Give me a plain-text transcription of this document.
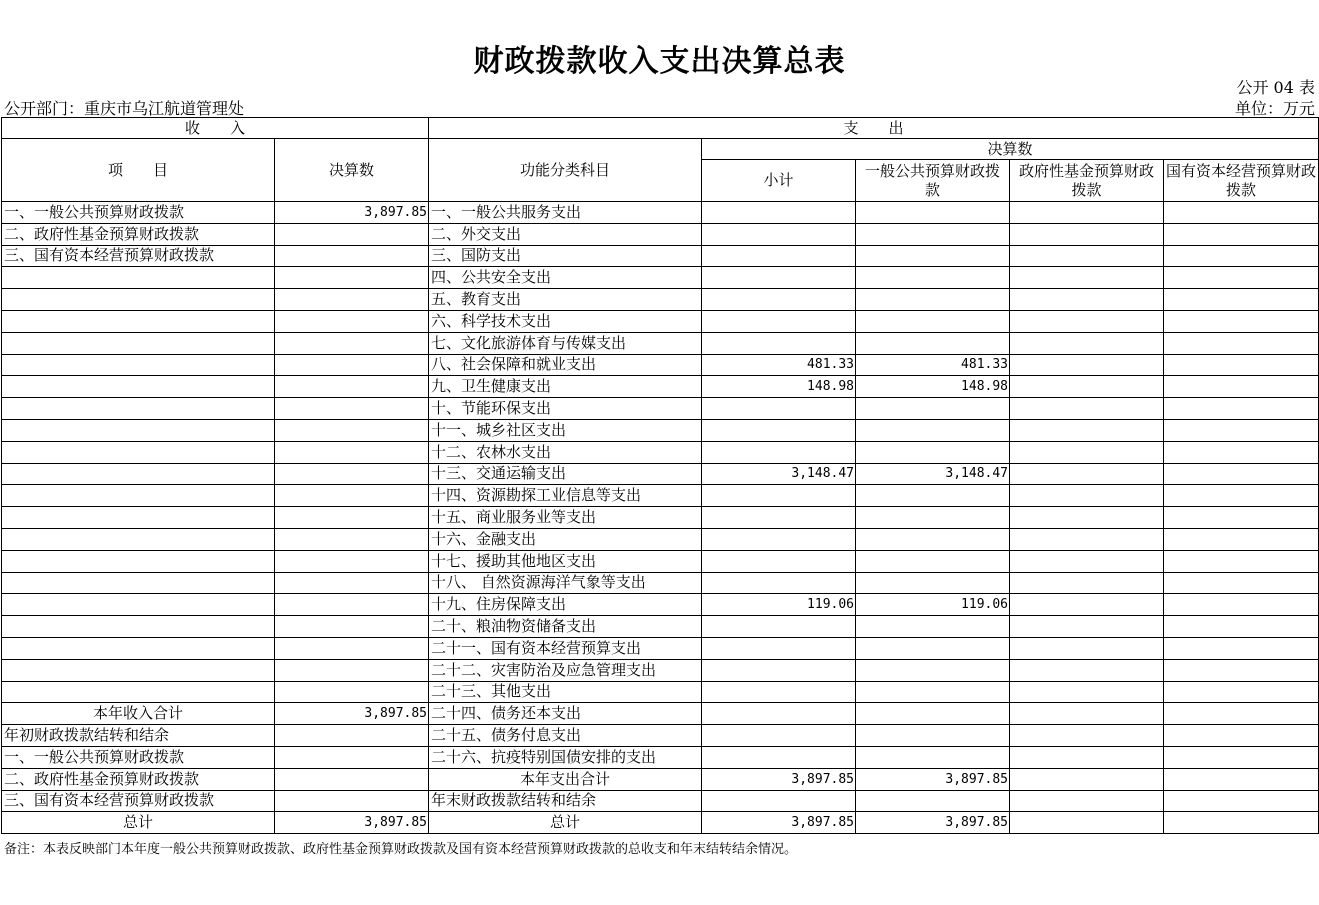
财政拨款收入支出决算总表
公开 04 表
公开部门：重庆市乌江航道管理处	单位：万元
收　　入		支　　出				
项　　目	决算数	功能分类科目	决算数			
			小计	一般公共预算财政拨款	政府性基金预算财政拨款	国有资本经营预算财政拨款
一、一般公共预算财政拨款	3,897.85	一、一般公共服务支出				
二、政府性基金预算财政拨款		二、外交支出				
三、国有资本经营预算财政拨款		三、国防支出				
		四、公共安全支出				
		五、教育支出				
		六、科学技术支出				
		七、文化旅游体育与传媒支出				
		八、社会保障和就业支出	481.33	481.33		
		九、卫生健康支出	148.98	148.98		
		十、节能环保支出				
		十一、城乡社区支出				
		十二、农林水支出				
		十三、交通运输支出	3,148.47	3,148.47		
		十四、资源勘探工业信息等支出				
		十五、商业服务业等支出				
		十六、金融支出				
		十七、援助其他地区支出				
		十八、 自然资源海洋气象等支出				
		十九、住房保障支出	119.06	119.06		
		二十、粮油物资储备支出				
		二十一、国有资本经营预算支出				
		二十二、灾害防治及应急管理支出				
		二十三、其他支出				
本年收入合计	3,897.85	二十四、债务还本支出				
年初财政拨款结转和结余		二十五、债务付息支出				
一、一般公共预算财政拨款		二十六、抗疫特别国债安排的支出				
二、政府性基金预算财政拨款		本年支出合计	3,897.85	3,897.85		
三、国有资本经营预算财政拨款		年末财政拨款结转和结余				
总计	3,897.85	总计	3,897.85	3,897.85		
备注：本表反映部门本年度一般公共预算财政拨款、政府性基金预算财政拨款及国有资本经营预算财政拨款的总收支和年末结转结余情况。
